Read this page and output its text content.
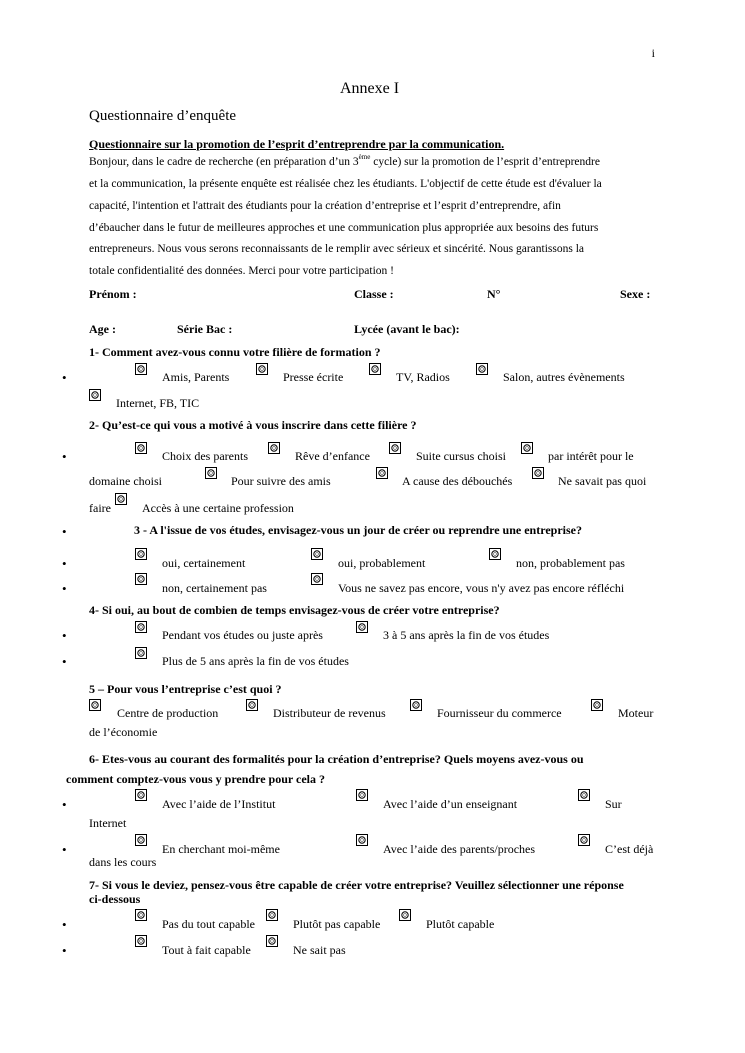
i
Annexe I
Questionnaire d’enquête
Questionnaire sur la promotion de l’esprit d’entreprendre par la communication.
Bonjour, dans le cadre de recherche (en préparation d’un 3ème cycle) sur la promotion de l’esprit d’entreprendre
et la communication, la présente enquête est réalisée chez les étudiants. L'objectif de cette étude est d'évaluer la
capacité, l'intention et l'attrait des étudiants pour la création d’entreprise et l’esprit d’entreprendre, afin
d’ébaucher dans le futur de meilleures approches et une communication plus appropriée aux besoins des futurs
entrepreneurs. Nous vous serons reconnaissants de le remplir avec sérieux et sincérité. Nous garantissons la
totale confidentialité des données. Merci pour votre participation !
Prénom :	Classe :	N°	Sexe :
Age :	Série Bac :	Lycée (avant le bac):
1- Comment avez-vous connu votre filière de formation ?
•	Amis, Parents	Presse écrite	TV, Radios	Salon, autres évènements
Internet, FB, TIC
2- Qu’est-ce qui vous a motivé à vous inscrire dans cette filière ?
•	Choix des parents	Rêve d’enfance	Suite cursus choisi	par intérêt pour le
domaine choisi	Pour suivre des amis	A cause des débouchés	Ne savait pas quoi
faire	Accès à une certaine profession
•	3 - A l'issue de vos études, envisagez-vous un jour de créer ou reprendre une entreprise?
•	oui, certainement	oui, probablement	non, probablement pas
•	non, certainement pas	Vous ne savez pas encore, vous n'y avez pas encore réfléchi
4- Si oui, au bout de combien de temps envisagez-vous de créer votre entreprise?
•	Pendant vos études ou juste après	3 à 5 ans après la fin de vos études
•	Plus de 5 ans après la fin de vos études
5 – Pour vous l’entreprise c’est quoi ?
Centre de production	Distributeur de revenus	Fournisseur du commerce	Moteur
de l’économie
6- Etes-vous au courant des formalités pour la création d’entreprise? Quels moyens avez-vous ou
comment comptez-vous vous y prendre pour cela ?
•	Avec l’aide de l’Institut	Avec l’aide d’un enseignant	Sur
Internet
•	En cherchant moi-même	Avec l’aide des parents/proches	C’est déjà
dans les cours
7- Si vous le deviez, pensez-vous être capable de créer votre entreprise? Veuillez sélectionner une réponse
ci-dessous
•	Pas du tout capable	Plutôt pas capable	Plutôt capable
•	Tout à fait capable	Ne sait pas
